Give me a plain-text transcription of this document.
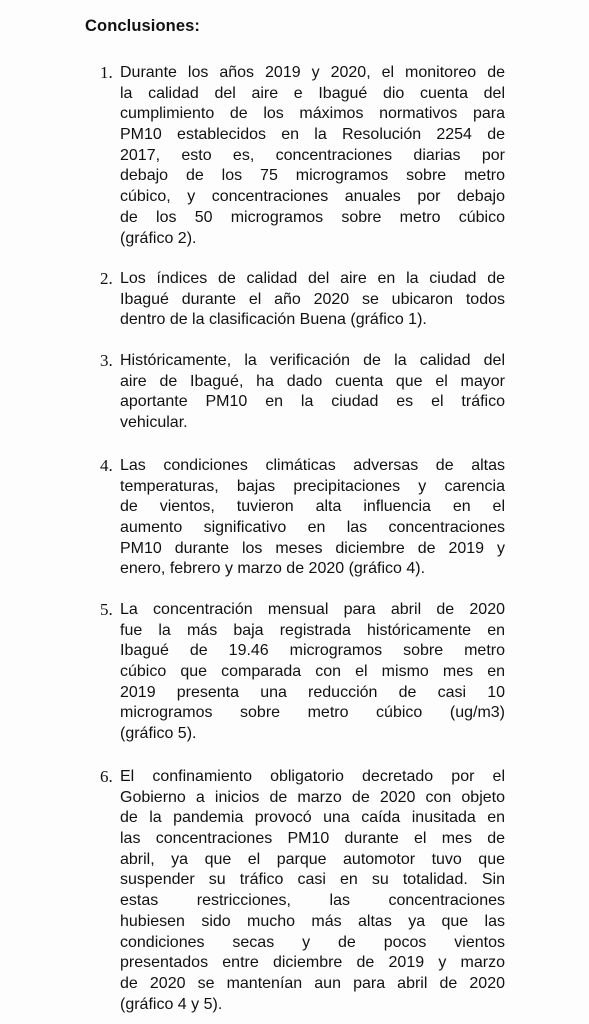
Conclusiones:
1. Durante los años 2019 y 2020, el monitoreo de
la calidad del aire e Ibagué dio cuenta del
cumplimiento de los máximos normativos para
PM10 establecidos en la Resolución 2254 de
2017, esto es, concentraciones diarias por
debajo de los 75 microgramos sobre metro
cúbico, y concentraciones anuales por debajo
de los 50 microgramos sobre metro cúbico
(gráfico 2).
2. Los índices de calidad del aire en la ciudad de
Ibagué durante el año 2020 se ubicaron todos
dentro de la clasificación Buena (gráfico 1).
3. Históricamente, la verificación de la calidad del
aire de Ibagué, ha dado cuenta que el mayor
aportante PM10 en la ciudad es el tráfico
vehicular.
4. Las condiciones climáticas adversas de altas
temperaturas, bajas precipitaciones y carencia
de vientos, tuvieron alta influencia en el
aumento significativo en las concentraciones
PM10 durante los meses diciembre de 2019 y
enero, febrero y marzo de 2020 (gráfico 4).
5. La concentración mensual para abril de 2020
fue la más baja registrada históricamente en
Ibagué de 19.46 microgramos sobre metro
cúbico que comparada con el mismo mes en
2019 presenta una reducción de casi 10
microgramos sobre metro cúbico (ug/m3)
(gráfico 5).
6. El confinamiento obligatorio decretado por el
Gobierno a inicios de marzo de 2020 con objeto
de la pandemia provocó una caída inusitada en
las concentraciones PM10 durante el mes de
abril, ya que el parque automotor tuvo que
suspender su tráfico casi en su totalidad. Sin
estas restricciones, las concentraciones
hubiesen sido mucho más altas ya que las
condiciones secas y de pocos vientos
presentados entre diciembre de 2019 y marzo
de 2020 se mantenían aun para abril de 2020
(gráfico 4 y 5).
